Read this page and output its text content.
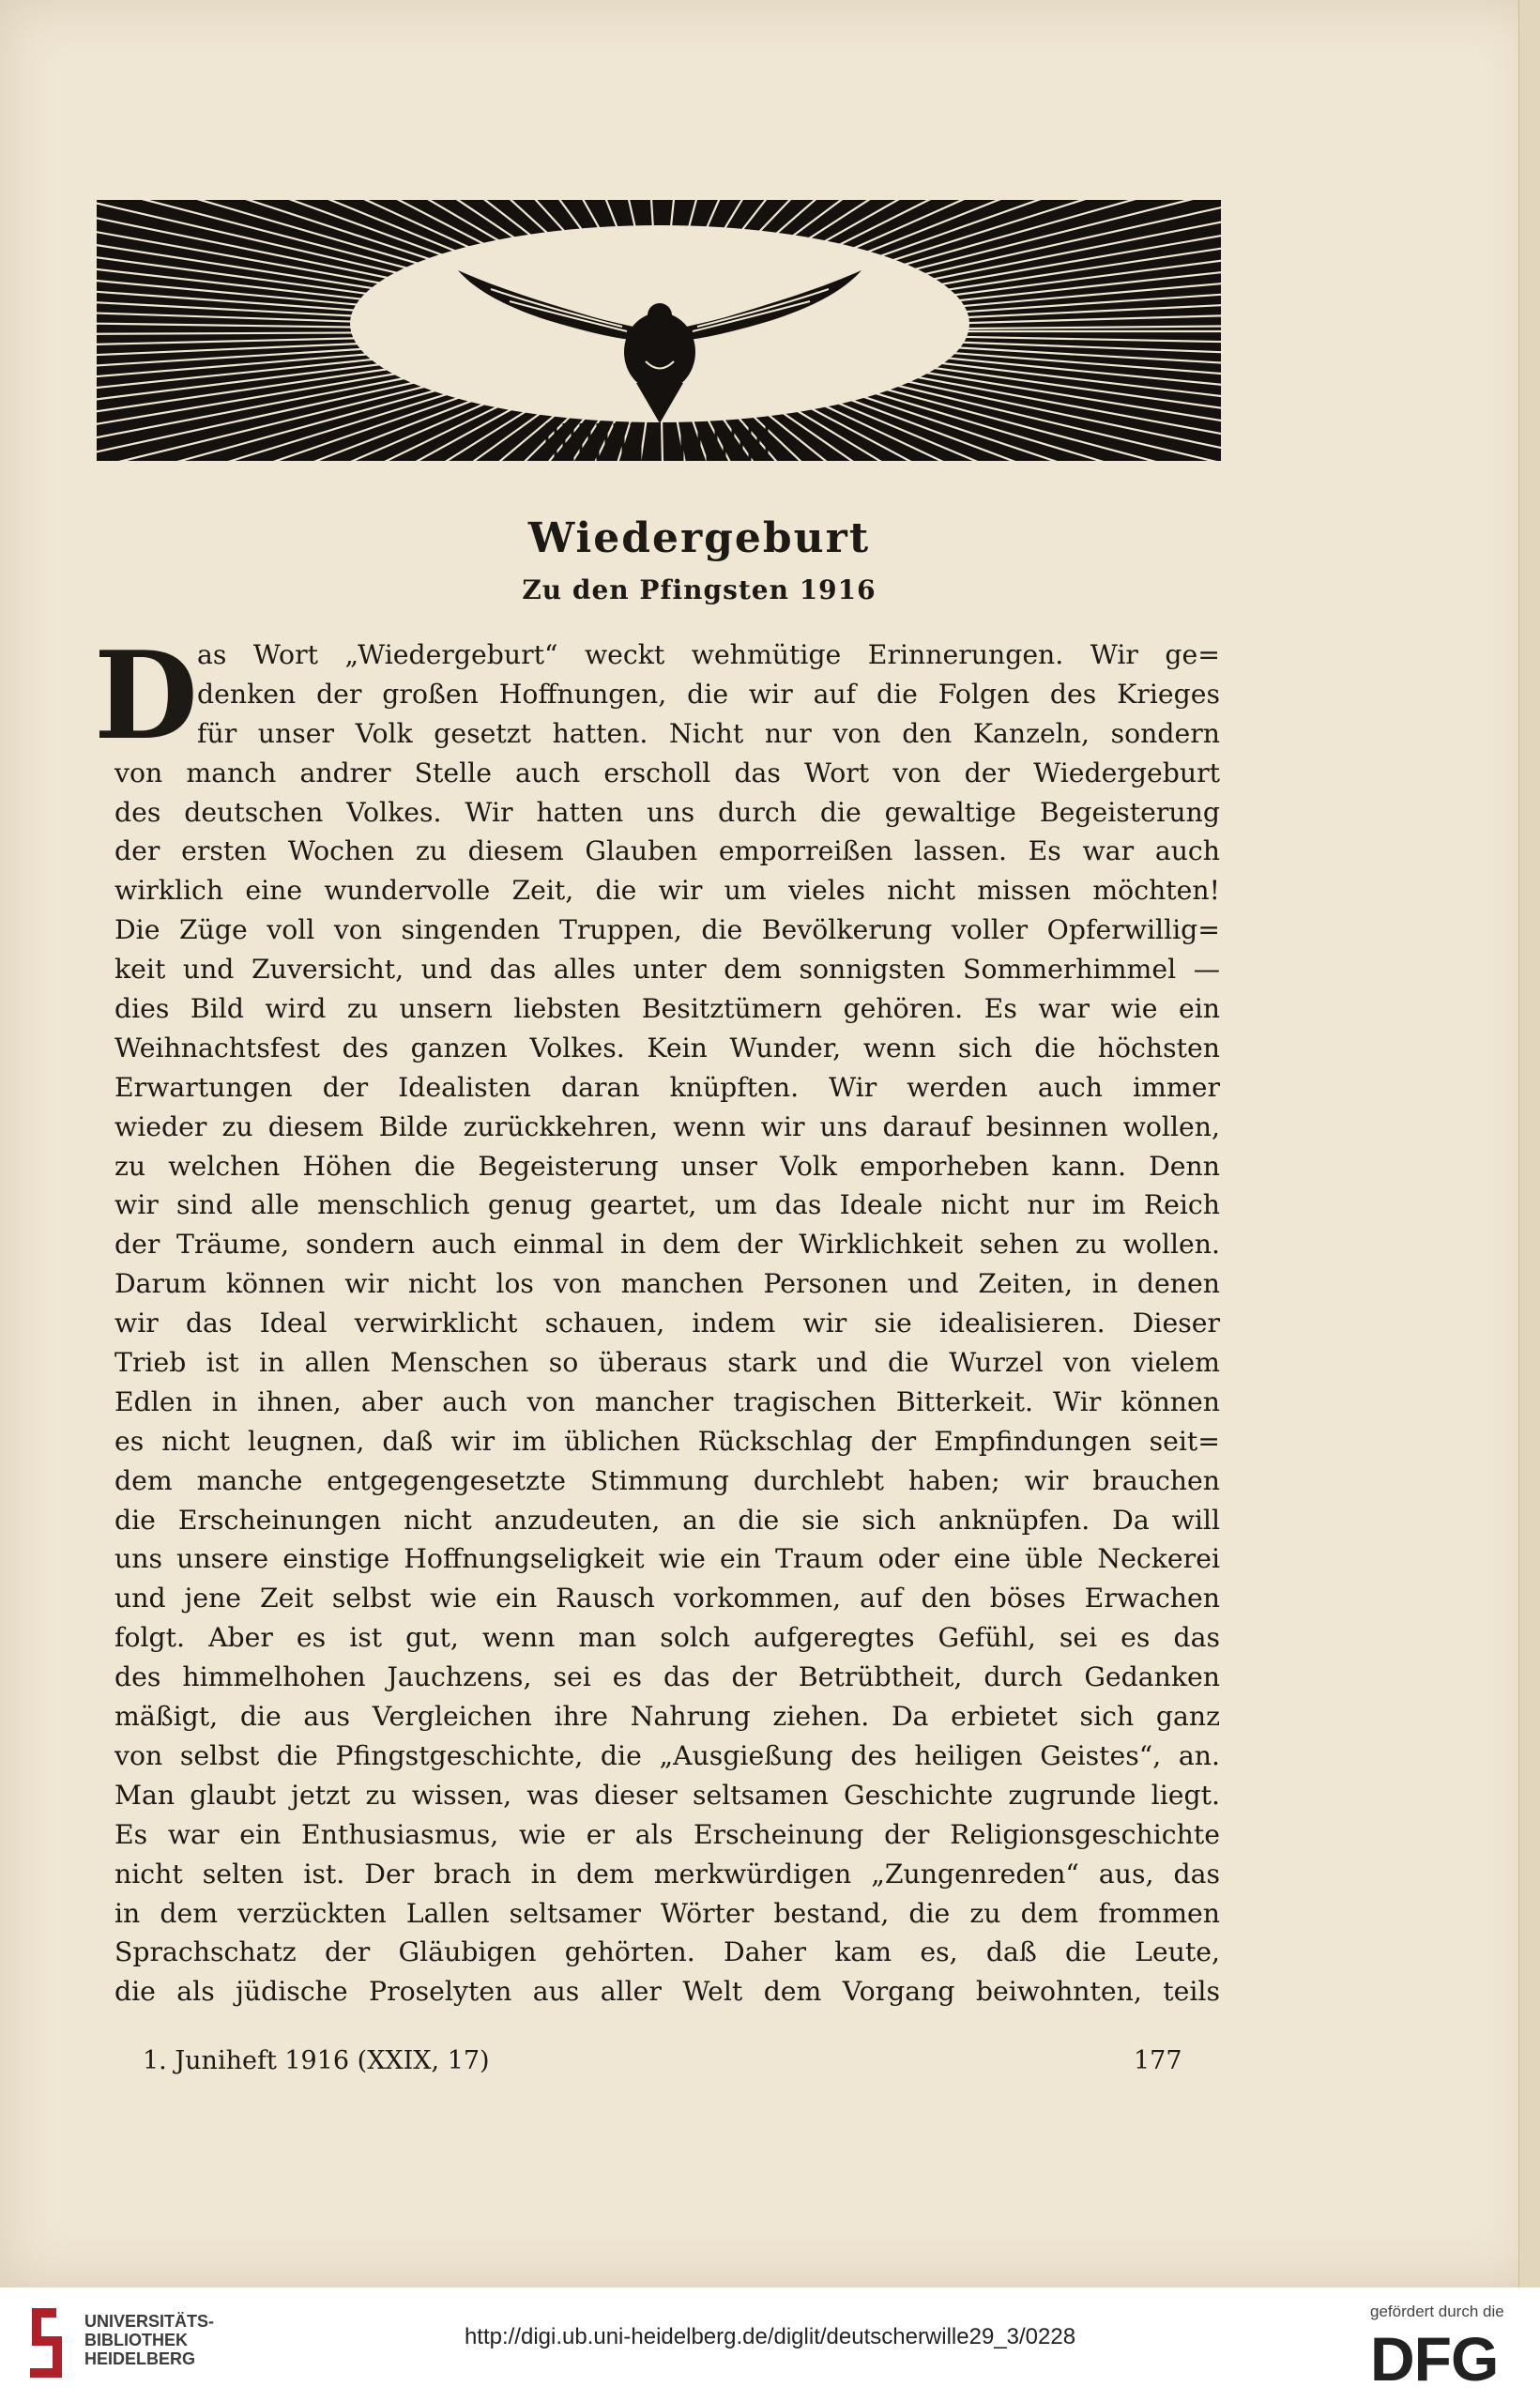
Wiedergeburt
Zu den Pfingsten 1916
D as Wort „Wiedergeburt“ weckt wehmütige Erinnerungen. Wir ge=
denken der großen Hoffnungen, die wir auf die Folgen des Krieges
für unser Volk gesetzt hatten. Nicht nur von den Kanzeln, sondern
von manch andrer Stelle auch erscholl das Wort von der Wiedergeburt
des deutschen Volkes. Wir hatten uns durch die gewaltige Begeisterung
der ersten Wochen zu diesem Glauben emporreißen lassen. Es war auch
wirklich eine wundervolle Zeit, die wir um vieles nicht missen möchten!
Die Züge voll von singenden Truppen, die Bevölkerung voller Opferwillig=
keit und Zuversicht, und das alles unter dem sonnigsten Sommerhimmel —
dies Bild wird zu unsern liebsten Besitztümern gehören. Es war wie ein
Weihnachtsfest des ganzen Volkes. Kein Wunder, wenn sich die höchsten
Erwartungen der Idealisten daran knüpften. Wir werden auch immer
wieder zu diesem Bilde zurückkehren, wenn wir uns darauf besinnen wollen,
zu welchen Höhen die Begeisterung unser Volk emporheben kann. Denn
wir sind alle menschlich genug geartet, um das Ideale nicht nur im Reich
der Träume, sondern auch einmal in dem der Wirklichkeit sehen zu wollen.
Darum können wir nicht los von manchen Personen und Zeiten, in denen
wir das Ideal verwirklicht schauen, indem wir sie idealisieren. Dieser
Trieb ist in allen Menschen so überaus stark und die Wurzel von vielem
Edlen in ihnen, aber auch von mancher tragischen Bitterkeit. Wir können
es nicht leugnen, daß wir im üblichen Rückschlag der Empfindungen seit=
dem manche entgegengesetzte Stimmung durchlebt haben; wir brauchen
die Erscheinungen nicht anzudeuten, an die sie sich anknüpfen. Da will
uns unsere einstige Hoffnungseligkeit wie ein Traum oder eine üble Neckerei
und jene Zeit selbst wie ein Rausch vorkommen, auf den böses Erwachen
folgt. Aber es ist gut, wenn man solch aufgeregtes Gefühl, sei es das
des himmelhohen Jauchzens, sei es das der Betrübtheit, durch Gedanken
mäßigt, die aus Vergleichen ihre Nahrung ziehen. Da erbietet sich ganz
von selbst die Pfingstgeschichte, die „Ausgießung des heiligen Geistes“, an.
Man glaubt jetzt zu wissen, was dieser seltsamen Geschichte zugrunde liegt.
Es war ein Enthusiasmus, wie er als Erscheinung der Religionsgeschichte
nicht selten ist. Der brach in dem merkwürdigen „Zungenreden“ aus, das
in dem verzückten Lallen seltsamer Wörter bestand, die zu dem frommen
Sprachschatz der Gläubigen gehörten. Daher kam es, daß die Leute,
die als jüdische Proselyten aus aller Welt dem Vorgang beiwohnten, teils
1. Juniheft 1916 (XXIX, 17)	177
UNIVERSITÄTS-
BIBLIOTHEK
HEIDELBERG
http://digi.ub.uni-heidelberg.de/diglit/deutscherwille29_3/0228
gefördert durch die
DFG
